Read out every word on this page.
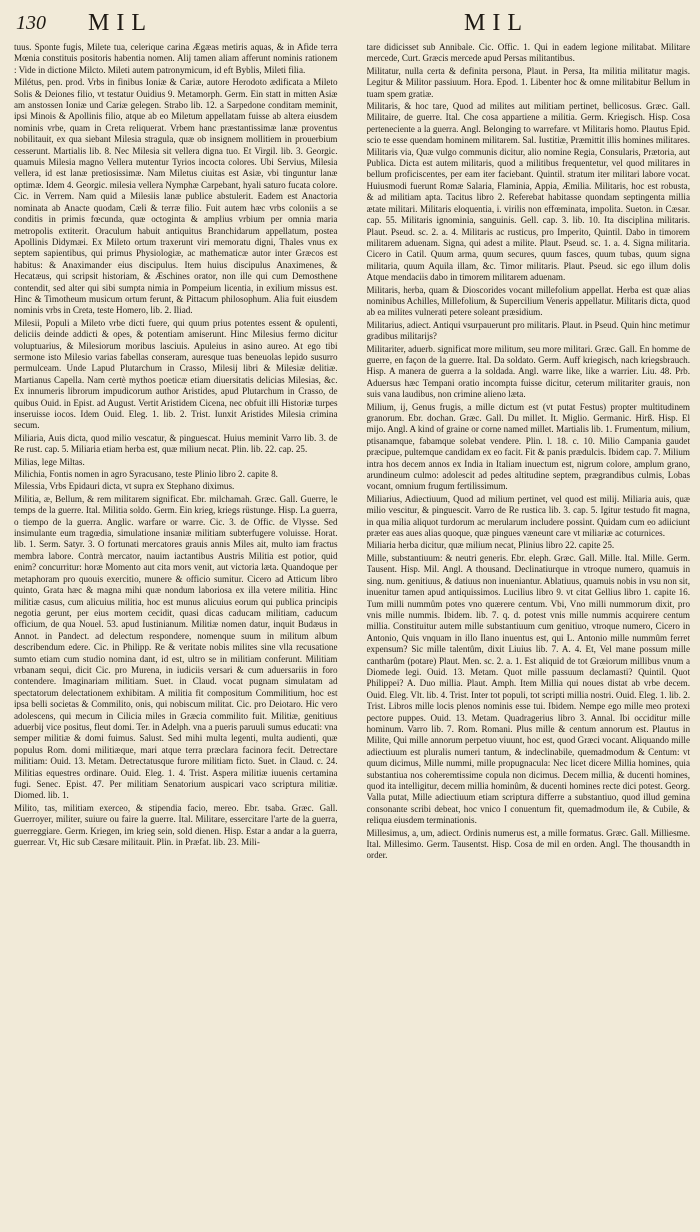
130 MIL	MIL

tuus. Sponte fugis, Milete tua, celerique carina Ægæas metiris aquas, & in Afide terra Mœnia constituis positoris habentia nomen. Alij tamen aliam afferunt nominis rationem : Vide in dictione Milcto. Mileti autem patronymicum, id eft Byblis, Mileti filia.

Milétus, pen. prod. Vrbs in finibus Ioniæ & Cariæ, autore Herodoto ædificata a Mileto Solis & Deiones filio, vt testatur Ouidius 9. Metamorph. Germ. Ein statt in mitten Asiæ am anstossen Ioniæ und Cariæ gelegen. Strabo lib. 12. a Sarpedone conditam meminit, ipsi Minois & Apollinis filio, atque ab eo Miletum appellatam fuisse ab altera eiusdem nominis vrbe, quam in Creta reliquerat. Vrbem hanc præstantissimæ lanæ proventus nobilitauit, ex qua siebant Milesia stragula, quæ ob insignem mollitiem in prouerbium cesserunt. Martialis lib. 8. Nec Milesia sit vellera digna tuo. Et Virgil. lib. 3. Georgic. quamuis Milesia magno Vellera mutentur Tyrios incocta colores. Ubi Servius, Milesia vellera, id est lanæ pretiosissimæ. Nam Miletus ciuitas est Asiæ, vbi tinguntur lanæ optimæ. Idem 4. Georgic. milesia vellera Nymphæ Carpebant, hyali saturo fucata colore. Cic. in Verrem. Nam quid a Milesiis lanæ publice abstulerit. Eadem est Anactoria nominata ab Anacte quodam, Cæli & terræ filio. Fuit autem hæc vrbs coloniis a se conditis in primis fœcunda, quæ octoginta & amplius vrbium per omnia maria metropolis extiterit. Oraculum habuit antiquitus Branchidarum appellatum, postea Apollinis Didymæi. Ex Mileto ortum traxerunt viri memoratu digni, Thales vnus ex septem sapientibus, qui primus Physiologiæ, ac mathematicæ autor inter Græcos est habitus: & Anaximander eius discipulus. Item huius discipulus Anaximenes, & Hecatæus, qui scripsit historiam, & Æschines orator, non ille qui cum Demosthene contendit, sed alter qui sibi sumpta nimia in Pompeium licentia, in exilium missus est. Hinc & Timotheum musicum ortum ferunt, & Pittacum philosophum. Alia fuit eiusdem nominis vrbs in Creta, teste Homero, lib. 2. Iliad.

Milesii, Populi a Mileto vrbe dicti fuere, qui quum prius potentes essent & opulenti, deliciis deinde addicti & opes, & potentiam amiserunt. Hinc Milesius fermo dicitur voluptuarius, & Milesiorum moribus lasciuis. Apuleius in asino aureo. At ego tibi sermone isto Milesio varias fabellas conseram, auresque tuas beneuolas lepido susurro permulceam. Unde Lapud Plutarchum in Crasso, Milesij libri & Milesiæ delitiæ. Martianus Capella. Nam certè mythos poeticæ etiam diuersitatis delicias Milesias, &c. Ex innumeris librorum impudicorum author Aristides, apud Plutarchum in Crasso, de quibus Ouid. in Epist. ad August. Vertit Aristidem Cicena, nec obfuit illi Historiæ turpes inseruisse iocos. Idem Ouid. Eleg. 1. lib. 2. Trist. Iunxit Aristides Milesia crimina secum.

Miliaria, Auis dicta, quod milio vescatur, & pinguescat. Huius meminit Varro lib. 3. de Re rust. cap. 5. Miliaria etiam herba est, quæ milium necat. Plin. lib. 22. cap. 25.

Milias, lege Miltas.

Milichia, Fontis nomen in agro Syracusano, teste Plinio libro 2. capite 8.

Milessia, Vrbs Epidauri dicta, vt supra ex Stephano diximus.

Militia, æ, Bellum, & rem militarem significat. Ebr. milchamah. Græc. Gall. Guerre, le temps de la guerre. Ital. Militia soldo. Germ. Ein krieg, kriegs rüstunge. Hisp. La guerra, o tiempo de la guerra. Anglic. warfare or warre. Cic. 3. de Offic. de Vlysse. Sed insimulante eum tragœdia, simulatione insaniæ militiam subterfugere voluisse. Horat. lib. 1. Serm. Satyr. 3. O fortunati mercatores grauis annis Miles ait, multo iam fractus membra labore. Contrà mercator, nauim iactantibus Austris Militia est potior, quid enim? concurritur: horæ Momento aut cita mors venit, aut victoria læta. Quandoque per metaphoram pro quouis exercitio, munere & officio sumitur. Cicero ad Atticum libro quinto, Grata hæc & magna mihi quæ nondum laboriosa ex illa vetere militia. Hinc militiæ casus, cum alicuius militia, hoc est munus alicuius eorum qui publica principis negotia gerunt, per eius mortem cecidit, quasi dicas caducam militiam, caducum officium, de qua Nouel. 53. apud Iustinianum. Militiæ nomen datur, inquit Budæus in Annot. in Pandect. ad delectum respondere, nomenque suum in militum album describendum edere. Cic. in Philipp. Re & veritate nobis milites sine vlla recusatione sumto etiam cum studio nomina dant, id est, ultro se in militiam conferunt. Militiam vrbanam sequi, dicit Cic. pro Murena, in iudiciis versari & cum aduersariis in foro contendere. Imaginariam militiam. Suet. in Claud. vocat pugnam simulatam ad spectatorum delectationem exhibitam. A militia fit compositum Commilitium, hoc est ipsa belli societas & Commilito, onis, qui nobiscum militat. Cic. pro Deiotaro. Hic vero adolescens, qui mecum in Cilicia miles in Græcia commilito fuit. Militiæ, genitiuus aduerbij vice positus, fleut domi. Ter. in Adelph. vna a pueris paruuli sumus educati: vna semper militiæ & domi fuimus. Salust. Sed mihi multa legenti, multa audienti, quæ populus Rom. domi militiæque, mari atque terra præclara facinora fecit. Detrectare militiam: Ouid. 13. Metam. Detrectatusque furore militiam ficto. Suet. in Claud. c. 24. Militias equestres ordinare. Ouid. Eleg. 1. 4. Trist. Aspera militiæ iuuenis certamina fugi. Senec. Epist. 47. Per militiam Senatorium auspicari vaco scriptura militiæ. Diomed. lib. 1.

Milito, tas, militiam exerceo, & stipendia facio, mereo. Ebr. tsaba. Græc. Gall. Guerroyer, militer, suiure ou faire la guerre. Ital. Militare, essercitare l'arte de la guerra, guerreggiare. Germ. Kriegen, im krieg sein, sold dienen. Hisp. Estar a andar a la guerra, guerrear. Vt, Hic sub Cæsare militauit. Plin. in Præfat. lib. 23. Mili-

tare didicisset sub Annibale. Cic. Offic. 1. Qui in eadem legione militabat. Militare mercede, Curt. Græcis mercede apud Persas militantibus.

Militatur, nulla certa & definita persona, Plaut. in Persa, Ita militia militatur magis. Legitur & Militor passiuum. Hora. Epod. 1. Libenter hoc & omne militabitur Bellum in tuam spem gratiæ.

Militaris, & hoc tare, Quod ad milites aut militiam pertinet, bellicosus. Græc. Gall. Militaire, de guerre. Ital. Che cosa appartiene a militia. Germ. Kriegisch. Hisp. Cosa perteneciente a la guerra. Angl. Belonging to warrefare. vt Militaris homo. Plautus Epid. scio te esse quendam hominem militarem. Sal. Iustitiæ, Præmittit illis homines militares. Militaris via, Quæ vulgo communis dicitur, alio nomine Regia, Consularis, Prætoria, aut Publica. Dicta est autem militaris, quod a militibus frequentetur, vel quod militares in bellum proficiscentes, per eam iter faciebant. Quintil. stratum iter militari labore vocat. Huiusmodi fuerunt Romæ Salaria, Flaminia, Appia, Æmilia. Militaris, hoc est robusta, & ad militiam apta. Tacitus libro 2. Referebat habitasse quondam septingenta millia ætate militari. Militaris eloquentia, i. virilis non effœminata, impolita. Sueton. in Cæsar. cap. 55. Militaris ignominia, sanguinis. Gell. cap. 3. lib. 10. Ita disciplina militaris. Plaut. Pseud. sc. 2. a. 4. Militaris ac rusticus, pro Imperito, Quintil. Dabo in timorem militarem aduenam. Signa, qui adest a milite. Plaut. Pseud. sc. 1. a. 4. Signa militaria. Cicero in Catil. Quum arma, quum secures, quum fasces, quum tubas, quum signa militaria, quum Aquila illam, &c. Timor militaris. Plaut. Pseud. sic ego illum dolis Atque mendaciis dabo in timorem militarem aduenam.

Militaris, herba, quam & Dioscorides vocant millefolium appellat. Herba est quæ alias nominibus Achilles, Millefolium, & Supercilium Veneris appellatur. Militaris dicta, quod ab ea milites vulnerati petere soleant præsidium.

Militarius, adiect. Antiqui vsurpauerunt pro militaris. Plaut. in Pseud. Quin hinc metimur gradibus militarijs?

Militariter, aduerb. significat more militum, seu more militari. Græc. Gall. En homme de guerre, en façon de la guerre. Ital. Da soldato. Germ. Auff kriegisch, nach kriegsbrauch. Hisp. A manera de guerra a la soldada. Angl. warre like, like a warrier. Liu. 48. Prb. Aduersus hæc Tempani oratio incompta fuisse dicitur, ceterum militariter grauis, non suis vana laudibus, non crimine alieno læta.

Milium, ij, Genus frugis, a mille dictum est (vt putat Festus) propter multitudinem granorum. Ebr. dochan. Græc. Gall. Du millet. It. Miglio. Germanic. Hirß. Hisp. El mijo. Angl. A kind of graine or corne named millet. Martialis lib. 1. Frumentum, milium, ptisanamque, fabamque solebat vendere. Plin. l. 18. c. 10. Milio Campania gaudet præcipue, pultemque candidam ex eo facit. Fit & panis prædulcis. Ibidem cap. 7. Milium intra hos decem annos ex India in Italiam inuectum est, nigrum colore, amplum grano, arundineum culmo: adolescit ad pedes altitudine septem, prægrandibus culmis, Lobas vocant, omnium frugum fertilissimum.

Miliarius, Adiectiuum, Quod ad milium pertinet, vel quod est milij. Miliaria auis, quæ milio vescitur, & pinguescit. Varro de Re rustica lib. 3. cap. 5. Igitur testudo fit magna, in qua milia aliquot turdorum ac merularum includere possint. Quidam cum eo adiiciunt præter eas aues alias quoque, quæ pingues væneunt care vt miliariæ ac coturnices.

Miliaria herba dicitur, quæ milium necat, Plinius libro 22. capite 25.

Mille, substantiuum: & neutri generis. Ebr. eleph. Græc. Gall. Mille. Ital. Mille. Germ. Tausent. Hisp. Mil. Angl. A thousand. Declinatiurque in vtroque numero, quamuis in sing. num. genitiuus, & datiuus non inueniantur. Ablatiuus, quamuis nobis in vsu non sit, inuenitur tamen apud antiquissimos. Lucilius libro 9. vt citat Gellius libro 1. capite 16. Tum milli nummûm potes vno quærere centum. Vbi, Vno milli nummorum dixit, pro vnis mille nummis. Ibidem. lib. 7. q. d. potest vnis mille nummis acquirere centum millia. Constituitur autem mille substantiuum cum genitiuo, vtroque numero, Cicero in Antonio, Quis vnquam in illo Ilano inuentus est, qui L. Antonio mille nummûm ferret expensum? Sic mille talentûm, dixit Liuius lib. 7. A. 4. Et, Vel mane possum mille cantharûm (potare) Plaut. Men. sc. 2. a. 1. Est aliquid de tot Græiorum millibus vnum a Diomede legi. Ouid. 13. Metam. Quot mille passuum declamasti? Quintil. Quot Philippei? A. Duo millia. Plaut. Amph. Item Millia qui noues distat ab vrbe decem. Ouid. Eleg. Vlt. lib. 4. Trist. Inter tot populi, tot scripti millia nostri. Ouid. Eleg. 1. lib. 2. Trist. Libros mille locis plenos nominis esse tui. Ibidem. Nempe ego mille meo protexi pectore puppes. Ouid. 13. Metam. Quadragerius libro 3. Annal. Ibi occiditur mille hominum. Varro lib. 7. Rom. Romani. Plus mille & centum annorum est. Plautus in Milite, Qui mille annorum perpetuo viuunt, hoc est, quod Græci vocant. Aliquando mille adiectiuum est pluralis numeri tantum, & indeclinabile, quemadmodum & Centum: vt quum dicimus, Mille nummi, mille propugnacula: Nec licet dicere Millia homines, quia substantiua nos coheremtissime copula non dicimus. Decem millia, & ducenti homines, quod ita intelligitur, decem millia hominûm, & ducenti homines recte dici potest. Georg. Valla putat, Mille adiectiuum etiam scriptura differre a substantiuo, quod illud gemina consonante scribi debeat, hoc vnico I conuentum fit, quemadmodum ile, & Cubile, & reliqua eiusdem terminationis.

Millesimus, a, um, adiect. Ordinis numerus est, a mille formatus. Græc. Gall. Milliesme. Ital. Millesimo. Germ. Tausentst. Hisp. Cosa de mil en orden. Angl. The thousandth in order.
